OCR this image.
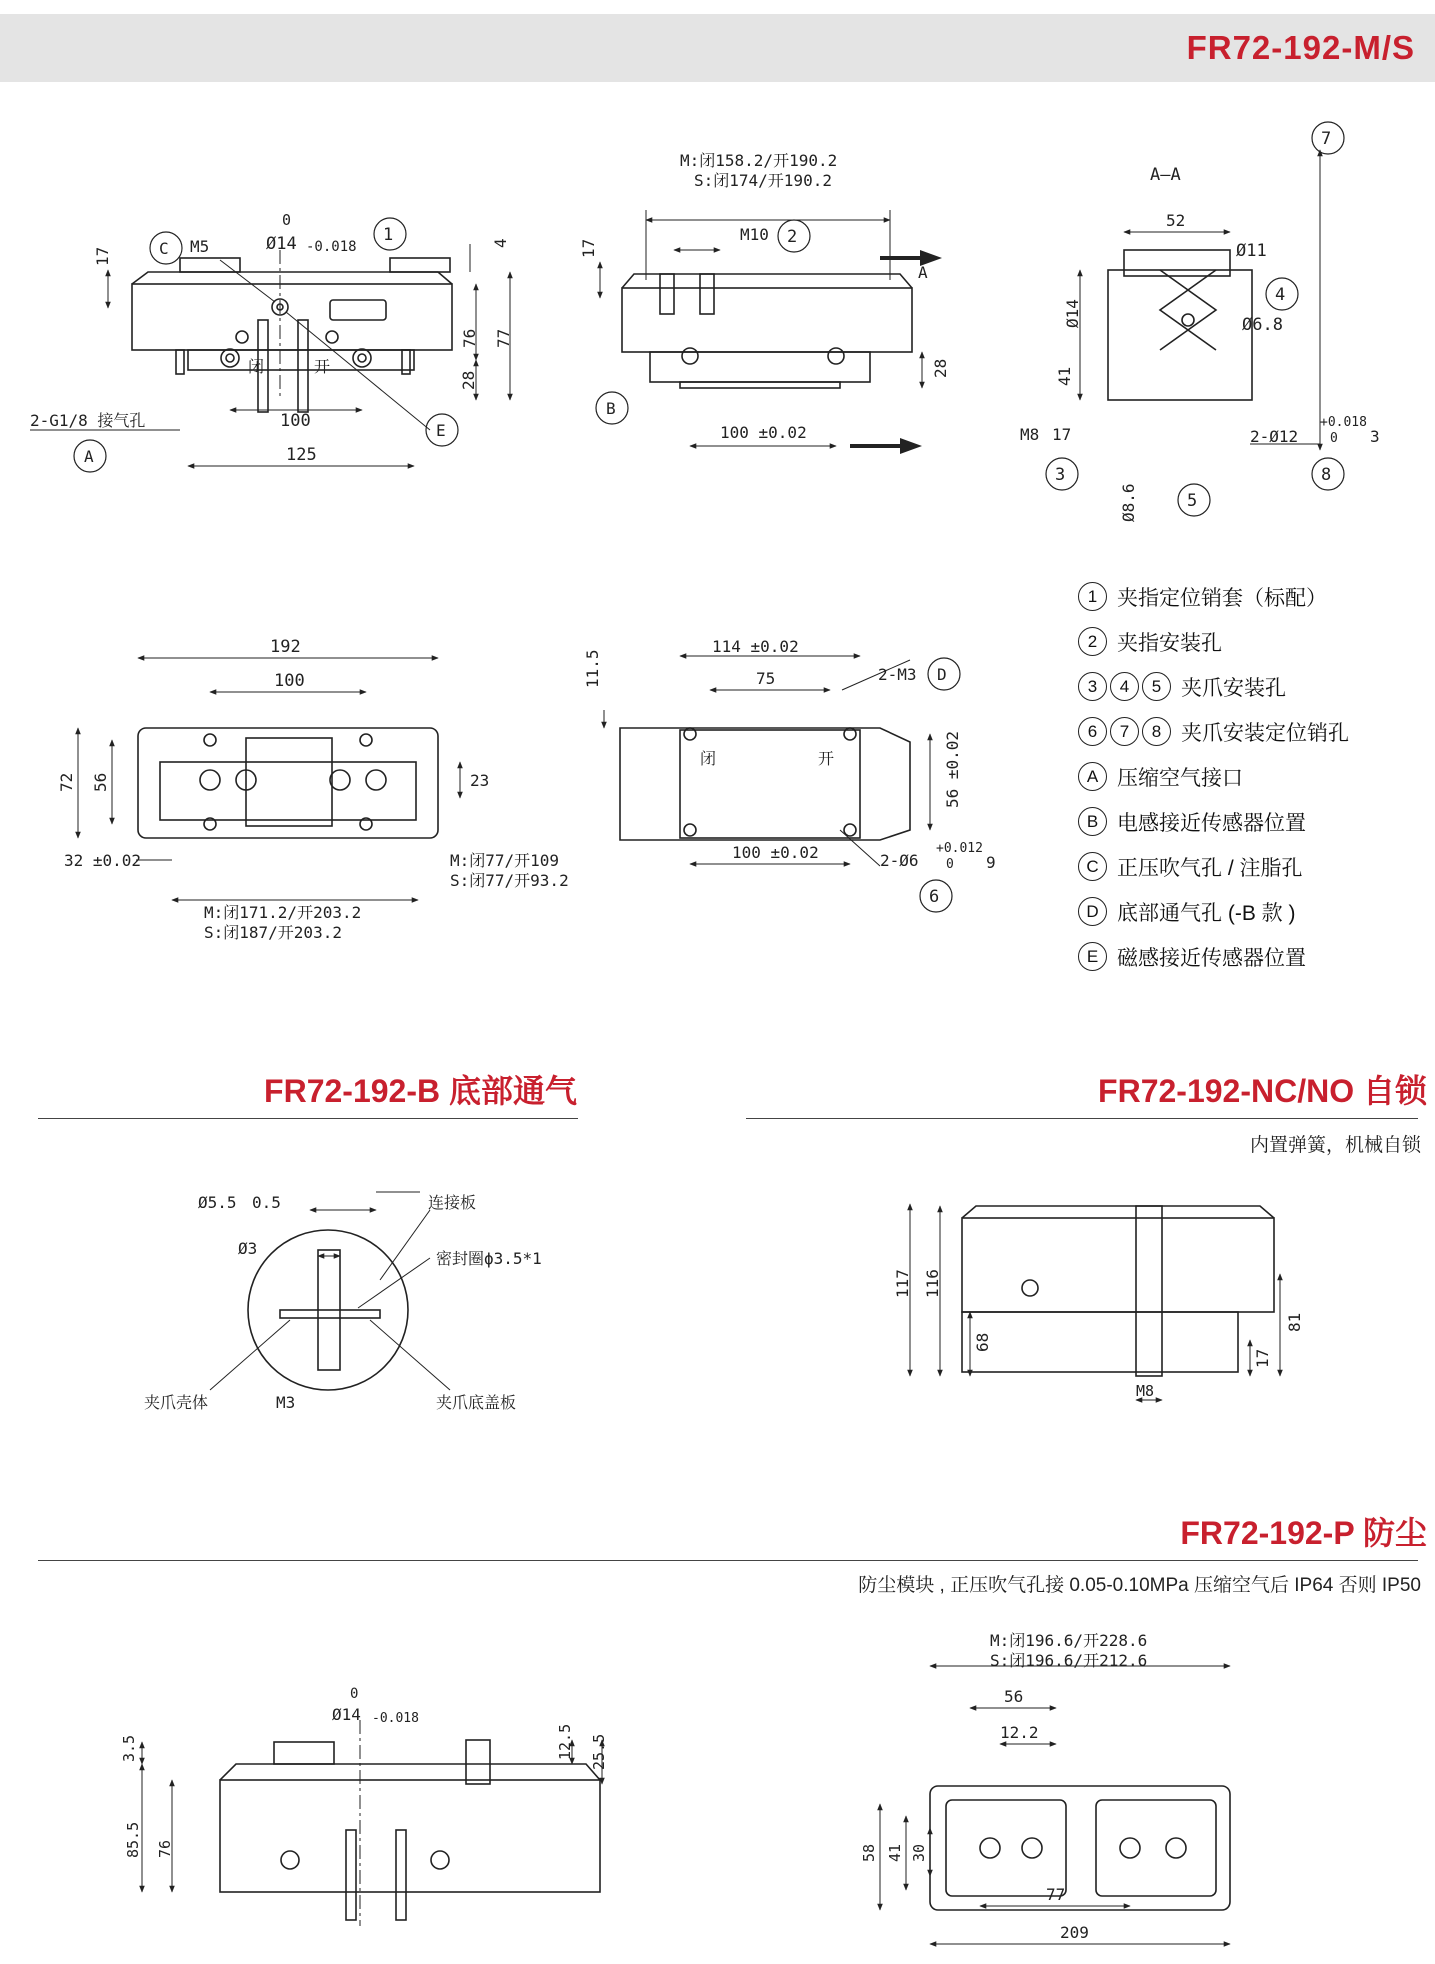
FR72-192-M/S
0
Ø14 -0.018
M5
17
4
76 77
28
100
125
2-G1/8 接气孔
闭	开
1
C
A
E
M:闭158.2/开190.2
S:闭174/开190.2
M10
17
28
100 ±0.02
A
2
B
A—A
52
Ø11
Ø6.8
Ø14
41
M8 17
Ø8.6
2-Ø12
+0.018
0 3
3
4
5
7
8
192
100
72 56	23
32 ±0.02	M:闭77/开109
S:闭77/开93.2
M:闭171.2/开203.2
S:闭187/开203.2
114 ±0.02
75	2-M3
11.5
56 ±0.02
100 ±0.02	2-Ø6
+0.012
0 9
闭	开
D
6
1 夹指定位销套（标配）
2 夹指安装孔
3	4	5 夹爪安装孔
6	7	8 夹爪安装定位销孔
A 压缩空气接口
B 电感接近传感器位置
C 正压吹气孔 / 注脂孔
D 底部通气孔 (-B 款 )
E 磁感接近传感器位置
FR72-192-B 底部通气	FR72-192-NC/NO 自锁
内置弹簧，机械自锁
Ø5.5 0.5
Ø3
连接板
密封圈ϕ3.5*1
夹爪壳体	夹爪底盖板
M3
117 116
68
81
17
M8
FR72-192-P 防尘
防尘模块 , 正压吹气孔接 0.05-0.10MPa 压缩空气后 IP64 否则 IP50
0
Ø14 -0.018
3.5
85.5 76
12.5 25.5
M:闭196.6/开228.6
S:闭196.6/开212.6
56
12.2
58 41 30
77
209
